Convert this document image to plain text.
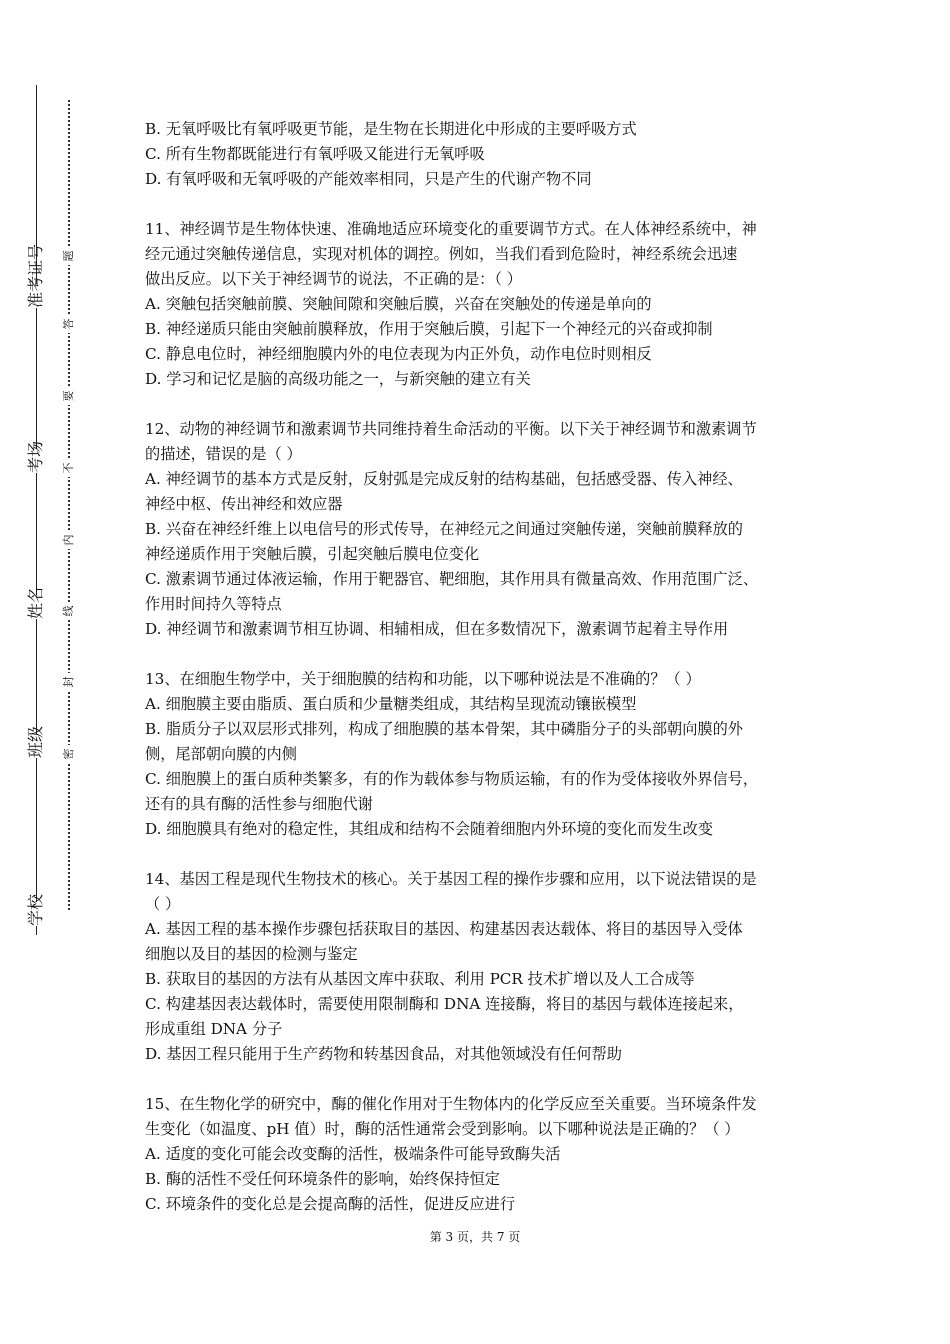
准考证号
考场
姓名
班级
学校
题
答
要
不
内
线
封
密

B. 无氧呼吸比有氧呼吸更节能，是生物在长期进化中形成的主要呼吸方式

C. 所有生物都既能进行有氧呼吸又能进行无氧呼吸

D. 有氧呼吸和无氧呼吸的产能效率相同，只是产生的代谢产物不同

11、神经调节是生物体快速、准确地适应环境变化的重要调节方式。在人体神经系统中，神

经元通过突触传递信息，实现对机体的调控。例如，当我们看到危险时，神经系统会迅速

做出反应。以下关于神经调节的说法，不正确的是：（ ）

A. 突触包括突触前膜、突触间隙和突触后膜，兴奋在突触处的传递是单向的

B. 神经递质只能由突触前膜释放，作用于突触后膜，引起下一个神经元的兴奋或抑制

C. 静息电位时，神经细胞膜内外的电位表现为内正外负，动作电位时则相反

D. 学习和记忆是脑的高级功能之一，与新突触的建立有关

12、动物的神经调节和激素调节共同维持着生命活动的平衡。以下关于神经调节和激素调节

的描述，错误的是（ ）

A. 神经调节的基本方式是反射，反射弧是完成反射的结构基础，包括感受器、传入神经、

神经中枢、传出神经和效应器

B. 兴奋在神经纤维上以电信号的形式传导，在神经元之间通过突触传递，突触前膜释放的

神经递质作用于突触后膜，引起突触后膜电位变化

C. 激素调节通过体液运输，作用于靶器官、靶细胞，其作用具有微量高效、作用范围广泛、

作用时间持久等特点

D. 神经调节和激素调节相互协调、相辅相成，但在多数情况下，激素调节起着主导作用

13、在细胞生物学中，关于细胞膜的结构和功能，以下哪种说法是不准确的？（ ）

A. 细胞膜主要由脂质、蛋白质和少量糖类组成，其结构呈现流动镶嵌模型

B. 脂质分子以双层形式排列，构成了细胞膜的基本骨架，其中磷脂分子的头部朝向膜的外

侧，尾部朝向膜的内侧

C. 细胞膜上的蛋白质种类繁多，有的作为载体参与物质运输，有的作为受体接收外界信号，

还有的具有酶的活性参与细胞代谢

D. 细胞膜具有绝对的稳定性，其组成和结构不会随着细胞内外环境的变化而发生改变

14、基因工程是现代生物技术的核心。关于基因工程的操作步骤和应用，以下说法错误的是

（ ）

A. 基因工程的基本操作步骤包括获取目的基因、构建基因表达载体、将目的基因导入受体

细胞以及目的基因的检测与鉴定

B. 获取目的基因的方法有从基因文库中获取、利用 PCR 技术扩增以及人工合成等

C. 构建基因表达载体时，需要使用限制酶和 DNA 连接酶，将目的基因与载体连接起来，

形成重组 DNA 分子

D. 基因工程只能用于生产药物和转基因食品，对其他领域没有任何帮助

15、在生物化学的研究中，酶的催化作用对于生物体内的化学反应至关重要。当环境条件发

生变化（如温度、pH 值）时，酶的活性通常会受到影响。以下哪种说法是正确的？（ ）

A. 适度的变化可能会改变酶的活性，极端条件可能导致酶失活

B. 酶的活性不受任何环境条件的影响，始终保持恒定

C. 环境条件的变化总是会提高酶的活性，促进反应进行

第 3 页，共 7 页
